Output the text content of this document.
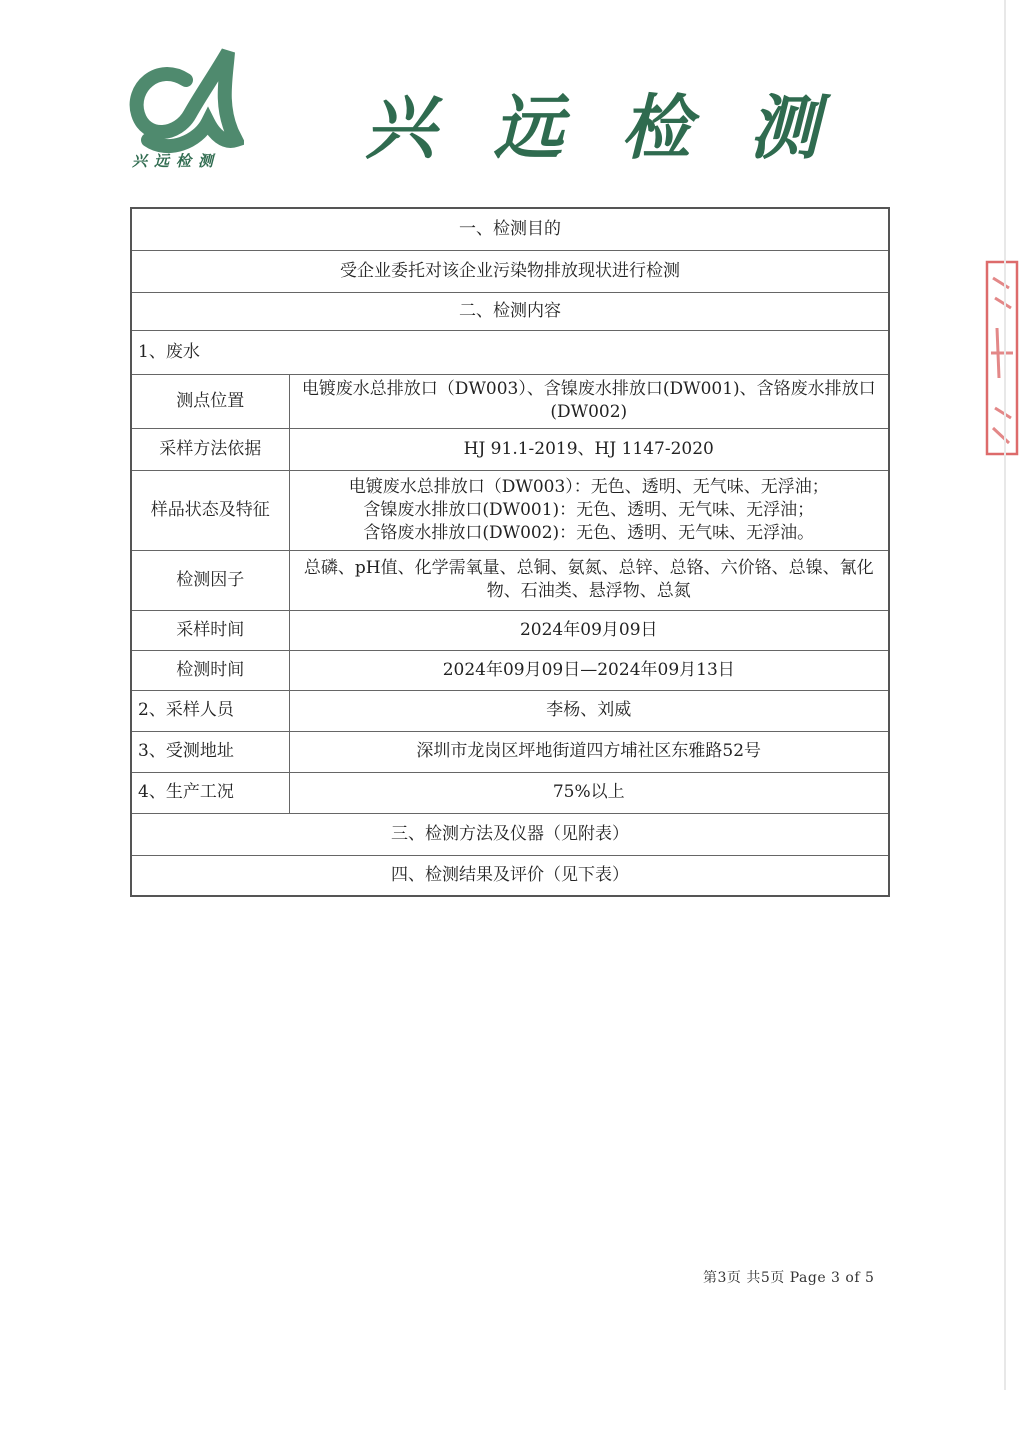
兴远检测 兴远检测
一、检测目的	
受企业委托对该企业污染物排放现状进行检测	
二、检测内容	
1、废水	
测点位置	电镀废水总排放口（DW003）、含镍废水排放口(DW001)、含铬废水排放口(DW002)
采样方法依据	HJ 91.1-2019、HJ 1147-2020
样品状态及特征	电镀废水总排放口（DW003）：无色、透明、无气味、无浮油；
含镍废水排放口(DW001)：无色、透明、无气味、无浮油；
含铬废水排放口(DW002)：无色、透明、无气味、无浮油。

检测因子	总磷、pH值、化学需氧量、总铜、氨氮、总锌、总铬、六价铬、总镍、氰化物、石油类、悬浮物、总氮
采样时间	2024年09月09日
检测时间	2024年09月09日—2024年09月13日
2、采样人员	李杨、刘威
3、受测地址	深圳市龙岗区坪地街道四方埔社区东雅路52号
4、生产工况	75%以上
三、检测方法及仪器（见附表）	
四、检测结果及评价（见下表）	
第3页 共5页 Page 3 of 5
